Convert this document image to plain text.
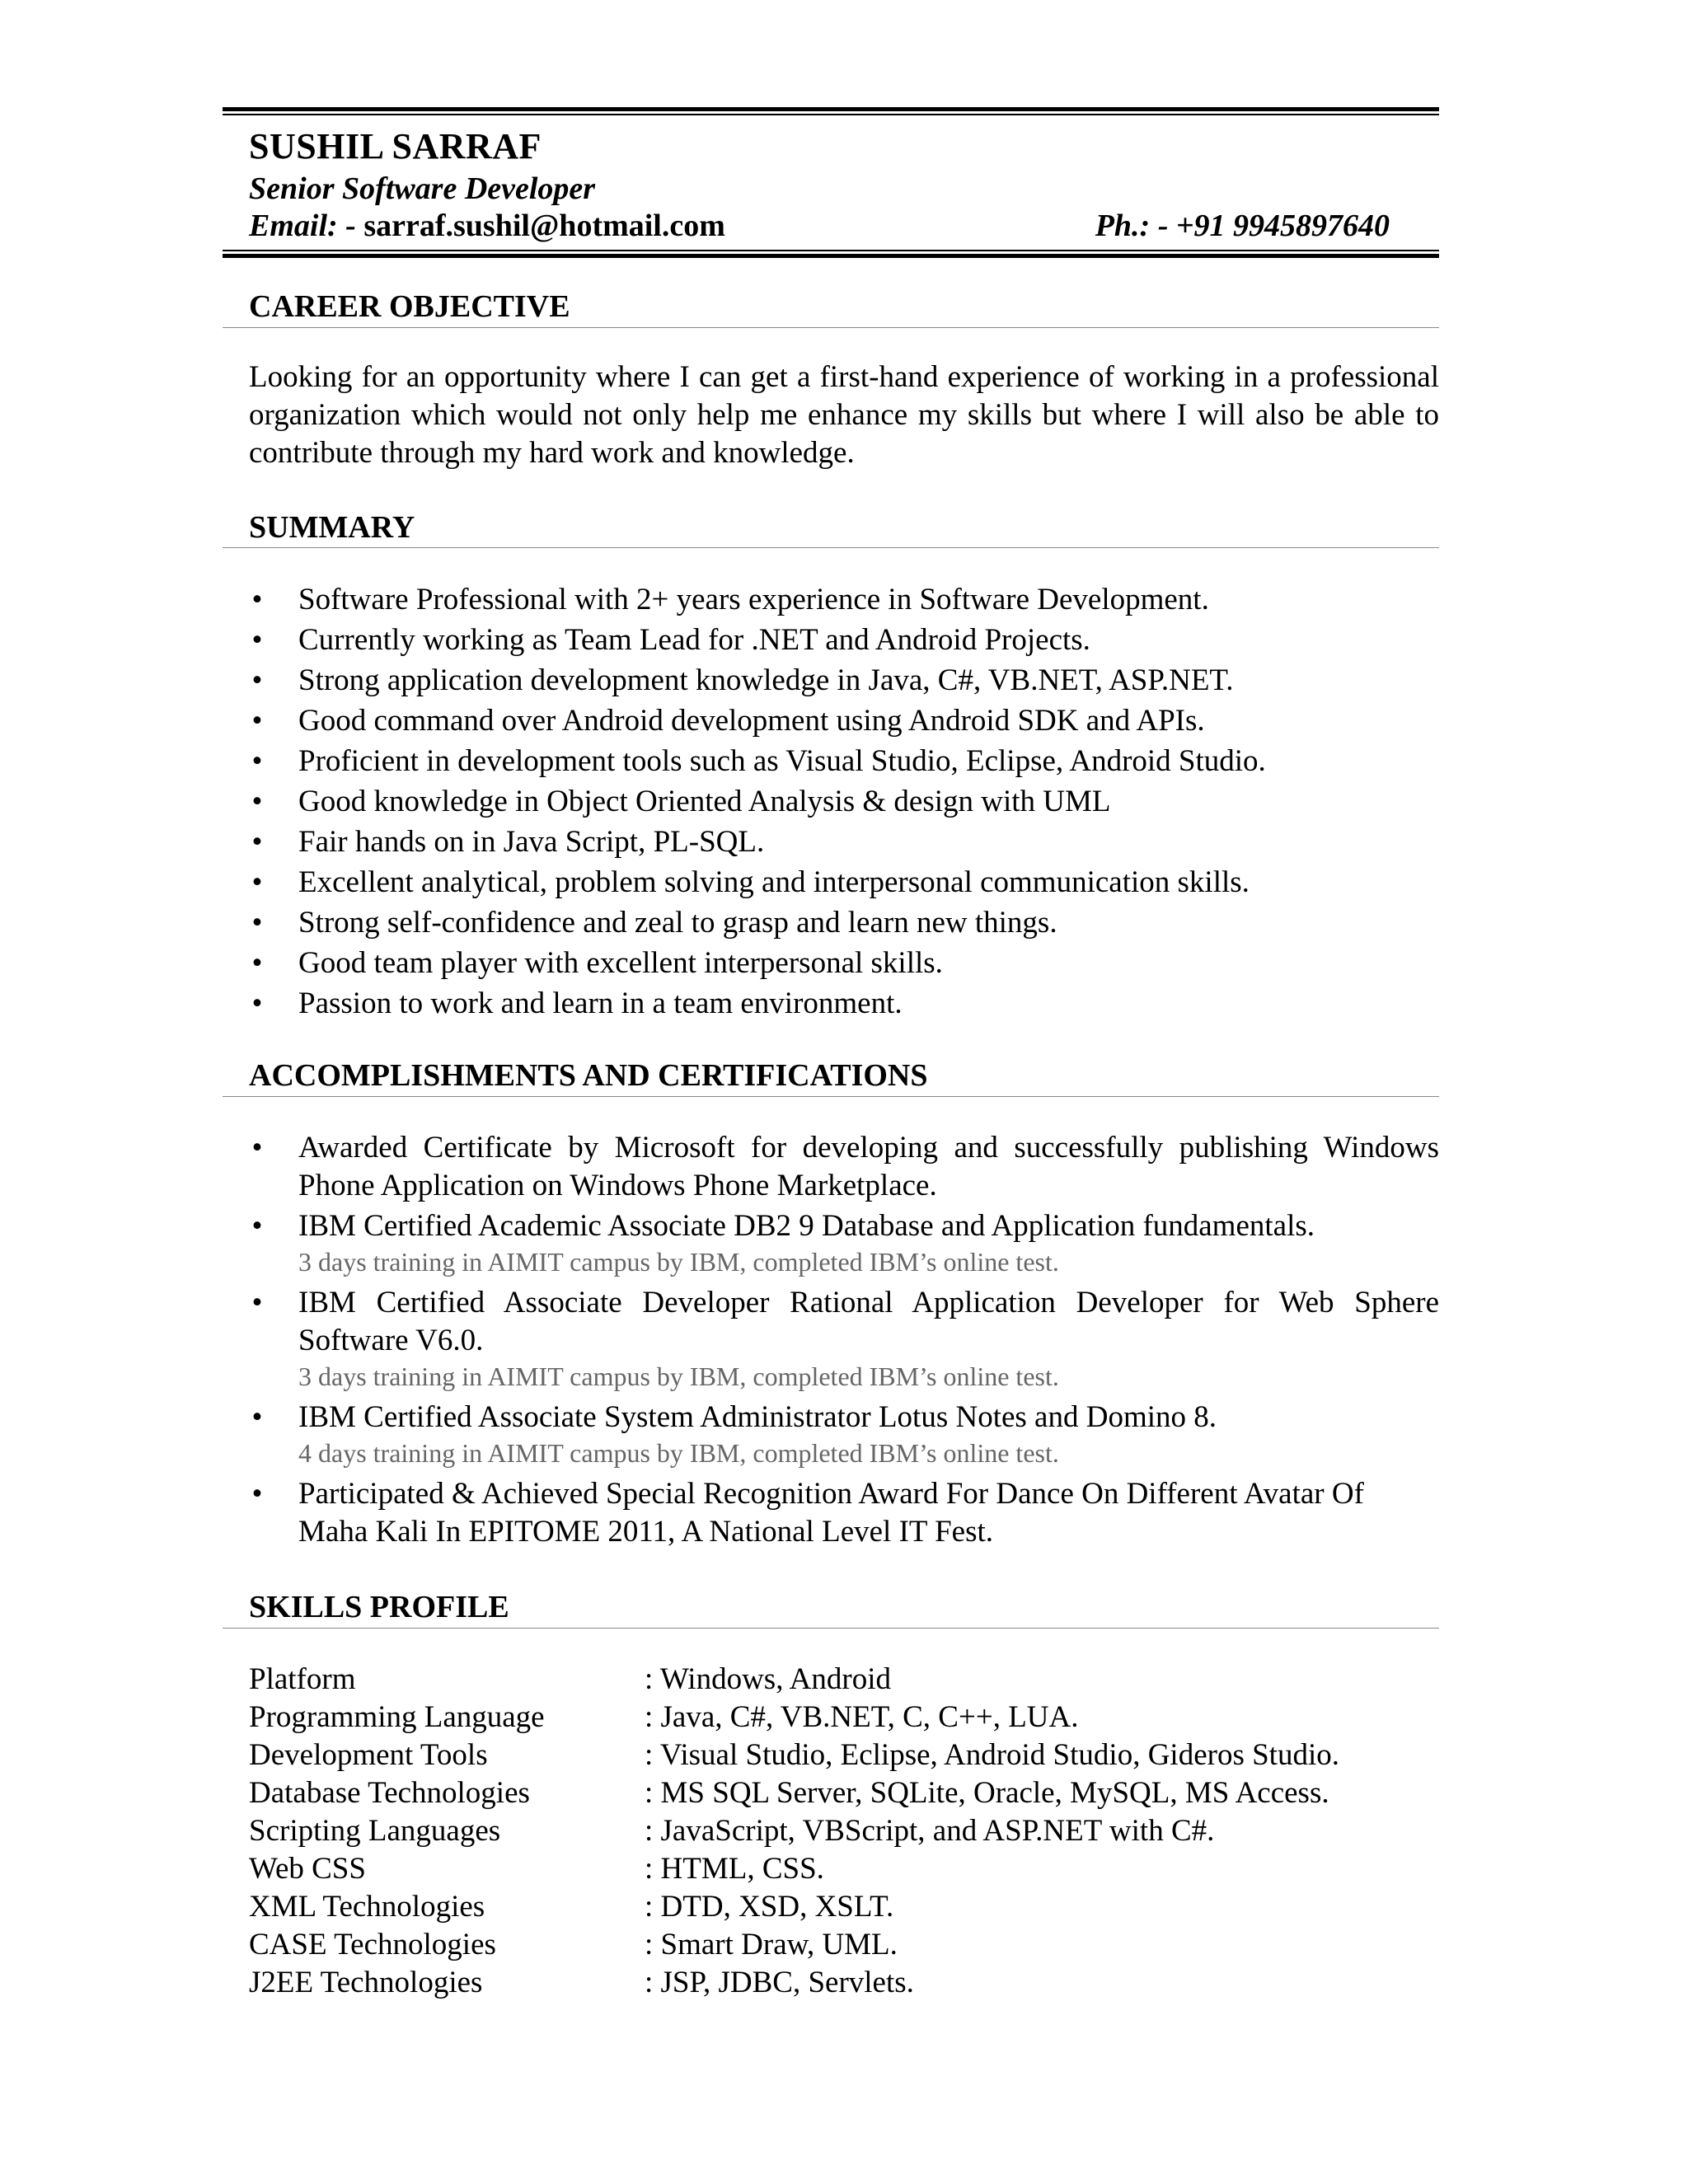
SUSHIL SARRAF
Senior Software Developer
Email: - sarraf.sushil@hotmail.com	Ph.: - +91 9945897640
CAREER OBJECTIVE
Looking for an opportunity where I can get a first-hand experience of working in a professional organization which would not only help me enhance my skills but where I will also be able to contribute through my hard work and knowledge.
SUMMARY
• Software Professional with 2+ years experience in Software Development.
• Currently working as Team Lead for .NET and Android Projects.
• Strong application development knowledge in Java, C#, VB.NET, ASP.NET.
• Good command over Android development using Android SDK and APIs.
• Proficient in development tools such as Visual Studio, Eclipse, Android Studio.
• Good knowledge in Object Oriented Analysis & design with UML
• Fair hands on in Java Script, PL-SQL.
• Excellent analytical, problem solving and interpersonal communication skills.
• Strong self-confidence and zeal to grasp and learn new things.
• Good team player with excellent interpersonal skills.
• Passion to work and learn in a team environment.
ACCOMPLISHMENTS AND CERTIFICATIONS
• Awarded Certificate by Microsoft for developing and successfully publishing Windows Phone Application on Windows Phone Marketplace.
• IBM Certified Academic Associate DB2 9 Database and Application fundamentals.
3 days training in AIMIT campus by IBM, completed IBM’s online test.
• IBM Certified Associate Developer Rational Application Developer for Web Sphere Software V6.0.
3 days training in AIMIT campus by IBM, completed IBM’s online test.
• IBM Certified Associate System Administrator Lotus Notes and Domino 8.
4 days training in AIMIT campus by IBM, completed IBM’s online test.
• Participated & Achieved Special Recognition Award For Dance On Different Avatar Of Maha Kali In EPITOME 2011, A National Level IT Fest.
SKILLS PROFILE
Platform	: Windows, Android
Programming Language	: Java, C#, VB.NET, C, C++, LUA.
Development Tools	: Visual Studio, Eclipse, Android Studio, Gideros Studio.
Database Technologies	: MS SQL Server, SQLite, Oracle, MySQL, MS Access.
Scripting Languages	: JavaScript, VBScript, and ASP.NET with C#.
Web CSS	: HTML, CSS.
XML Technologies	: DTD, XSD, XSLT.
CASE Technologies	: Smart Draw, UML.
J2EE Technologies	: JSP, JDBC, Servlets.
